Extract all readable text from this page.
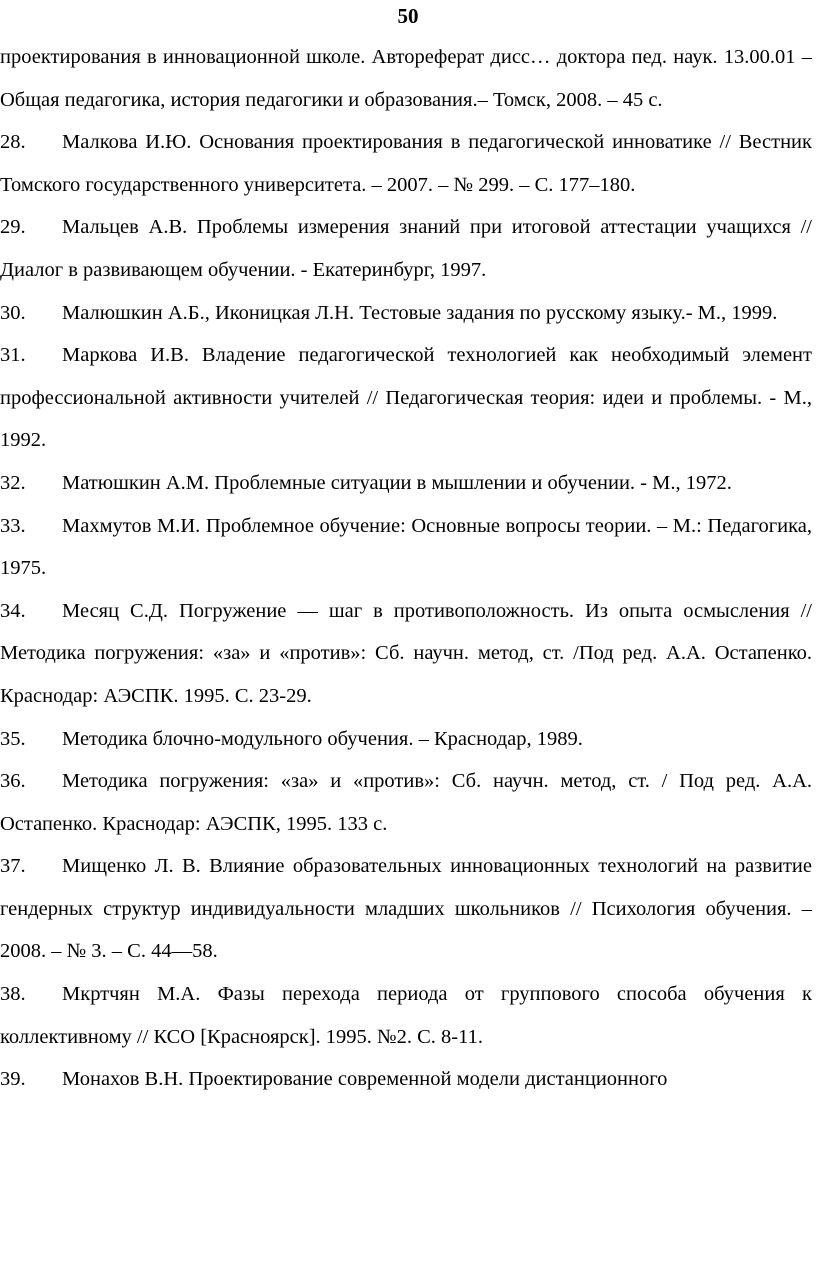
50

проектирования в инновационной школе. Автореферат дисс… доктора пед. наук. 13.00.01 – Общая педагогика, история педагогики и образования.– Томск, 2008. – 45 с.

28. Малкова И.Ю. Основания проектирования в педагогической инноватике // Вестник Томского государственного университета. – 2007. – № 299. – С. 177–180.

29. Мальцев А.В. Проблемы измерения знаний при итоговой аттестации учащихся // Диалог в развивающем обучении. - Екатеринбург, 1997.

30. Малюшкин А.Б., Иконицкая Л.Н. Тестовые задания по русскому языку.- М., 1999.

31. Маркова И.В. Владение педагогической технологией как необходимый элемент профессиональной активности учителей // Педагогическая теория: идеи и проблемы. - М., 1992.

32. Матюшкин А.М. Проблемные ситуации в мышлении и обучении. - М., 1972.

33. Махмутов М.И. Проблемное обучение: Основные вопросы теории. – М.: Педагогика, 1975.

34. Месяц С.Д. Погружение — шаг в противоположность. Из опыта осмысления // Методика погружения: «за» и «против»: Сб. научн. метод, ст. /Под ред. А.А. Остапенко. Краснодар: АЭСПК. 1995. С. 23-29.

35. Методика блочно-модульного обучения. – Краснодар, 1989.

36. Методика погружения: «за» и «против»: Сб. научн. метод, ст. / Под ред. А.А. Остапенко. Краснодар: АЭСПК, 1995. 133 с.

37. Мищенко Л. В. Влияние образовательных инновационных технологий на развитие гендерных структур индивидуальности младших школьников // Психология обучения. – 2008. – № 3. – С. 44—58.

38. Мкртчян М.А. Фазы перехода периода от группового способа обучения к коллективному // КСО [Красноярск]. 1995. №2. С. 8-11.

39. Монахов В.Н. Проектирование современной модели дистанционного
